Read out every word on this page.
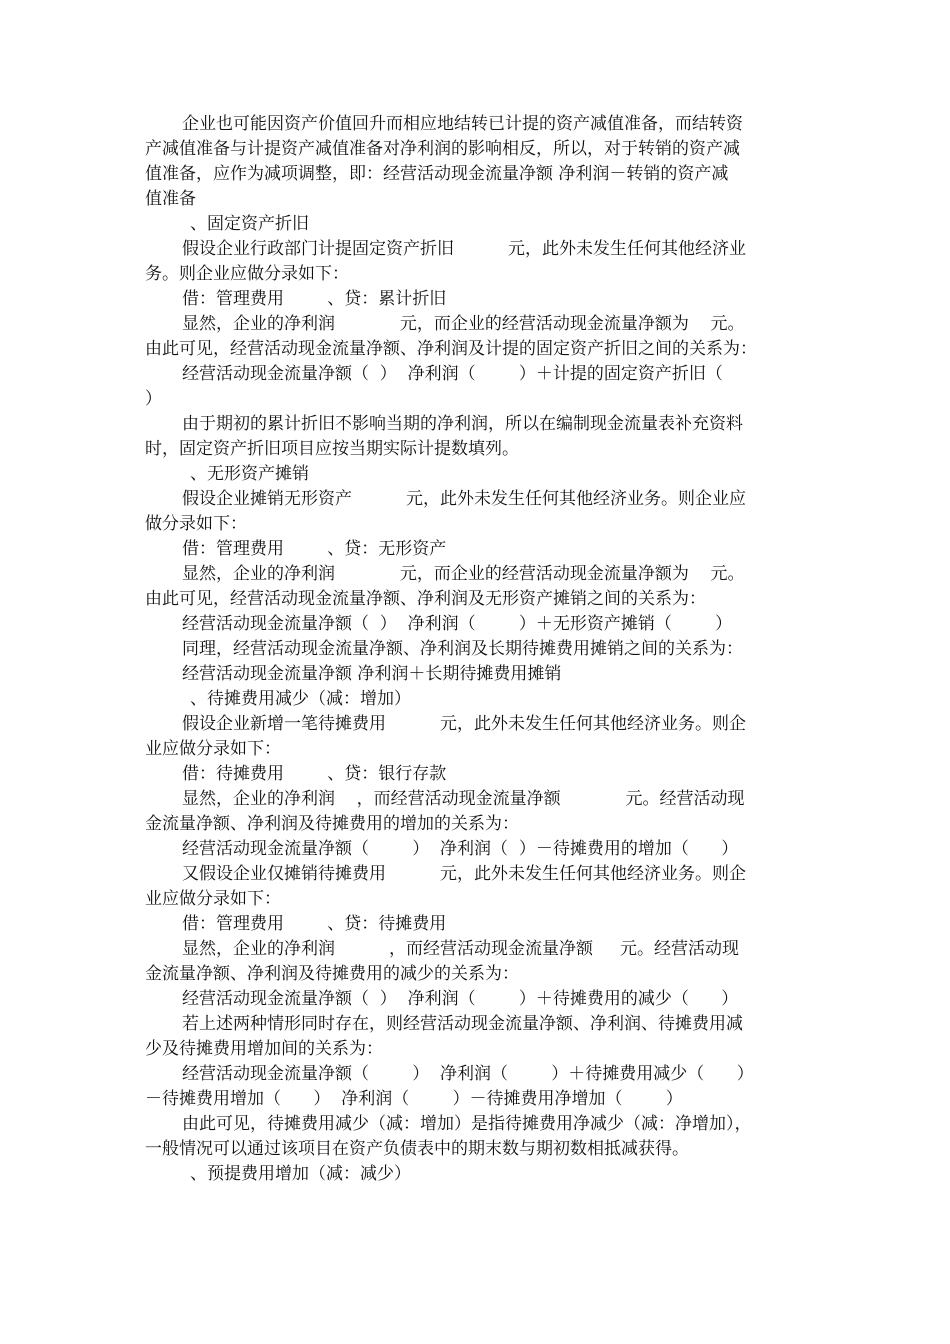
企业也可能因资产价值回升而相应地结转已计提的资产减值准备，而结转资
产减值准备与计提资产减值准备对净利润的影响相反，所以，对于转销的资产减
值准备，应作为减项调整，即：经营活动现金流量净额 净利润－转销的资产减
值准备
、固定资产折旧
假设企业行政部门计提固定资产折旧          元，此外未发生任何其他经济业
务。则企业应做分录如下：
借：管理费用        、贷：累计折旧
显然，企业的净利润            元，而企业的经营活动现金流量净额为    元。
由此可见，经营活动现金流量净额、净利润及计提的固定资产折旧之间的关系为：
经营活动现金流量净额（  ）  净利润（        ）＋计提的固定资产折旧（
）
由于期初的累计折旧不影响当期的净利润，所以在编制现金流量表补充资料
时，固定资产折旧项目应按当期实际计提数填列。
、无形资产摊销
假设企业摊销无形资产          元，此外未发生任何其他经济业务。则企业应
做分录如下：
借：管理费用        、贷：无形资产
显然，企业的净利润            元，而企业的经营活动现金流量净额为    元。
由此可见，经营活动现金流量净额、净利润及无形资产摊销之间的关系为：
经营活动现金流量净额（  ）  净利润（        ）＋无形资产摊销（        ）
同理，经营活动现金流量净额、净利润及长期待摊费用摊销之间的关系为：
经营活动现金流量净额 净利润＋长期待摊费用摊销
、待摊费用减少（减：增加）
假设企业新增一笔待摊费用          元，此外未发生任何其他经济业务。则企
业应做分录如下：
借：待摊费用        、贷：银行存款
显然，企业的净利润    ，而经营活动现金流量净额            元。经营活动现
金流量净额、净利润及待摊费用的增加的关系为：
经营活动现金流量净额（        ）  净利润（  ）－待摊费用的增加（      ）
又假设企业仅摊销待摊费用          元，此外未发生任何其他经济业务。则企
业应做分录如下：
借：管理费用        、贷：待摊费用
显然，企业的净利润          ，而经营活动现金流量净额     元。经营活动现
金流量净额、净利润及待摊费用的减少的关系为：
经营活动现金流量净额（  ）  净利润（        ）＋待摊费用的减少（      ）
若上述两种情形同时存在，则经营活动现金流量净额、净利润、待摊费用减
少及待摊费用增加间的关系为：
经营活动现金流量净额（        ）  净利润（        ）＋待摊费用减少（      ）
－待摊费用增加（      ）  净利润（        ）－待摊费用净增加（        ）
由此可见，待摊费用减少（减：增加）是指待摊费用净减少（减：净增加），
一般情况可以通过该项目在资产负债表中的期末数与期初数相抵减获得。
、预提费用增加（减：减少）
